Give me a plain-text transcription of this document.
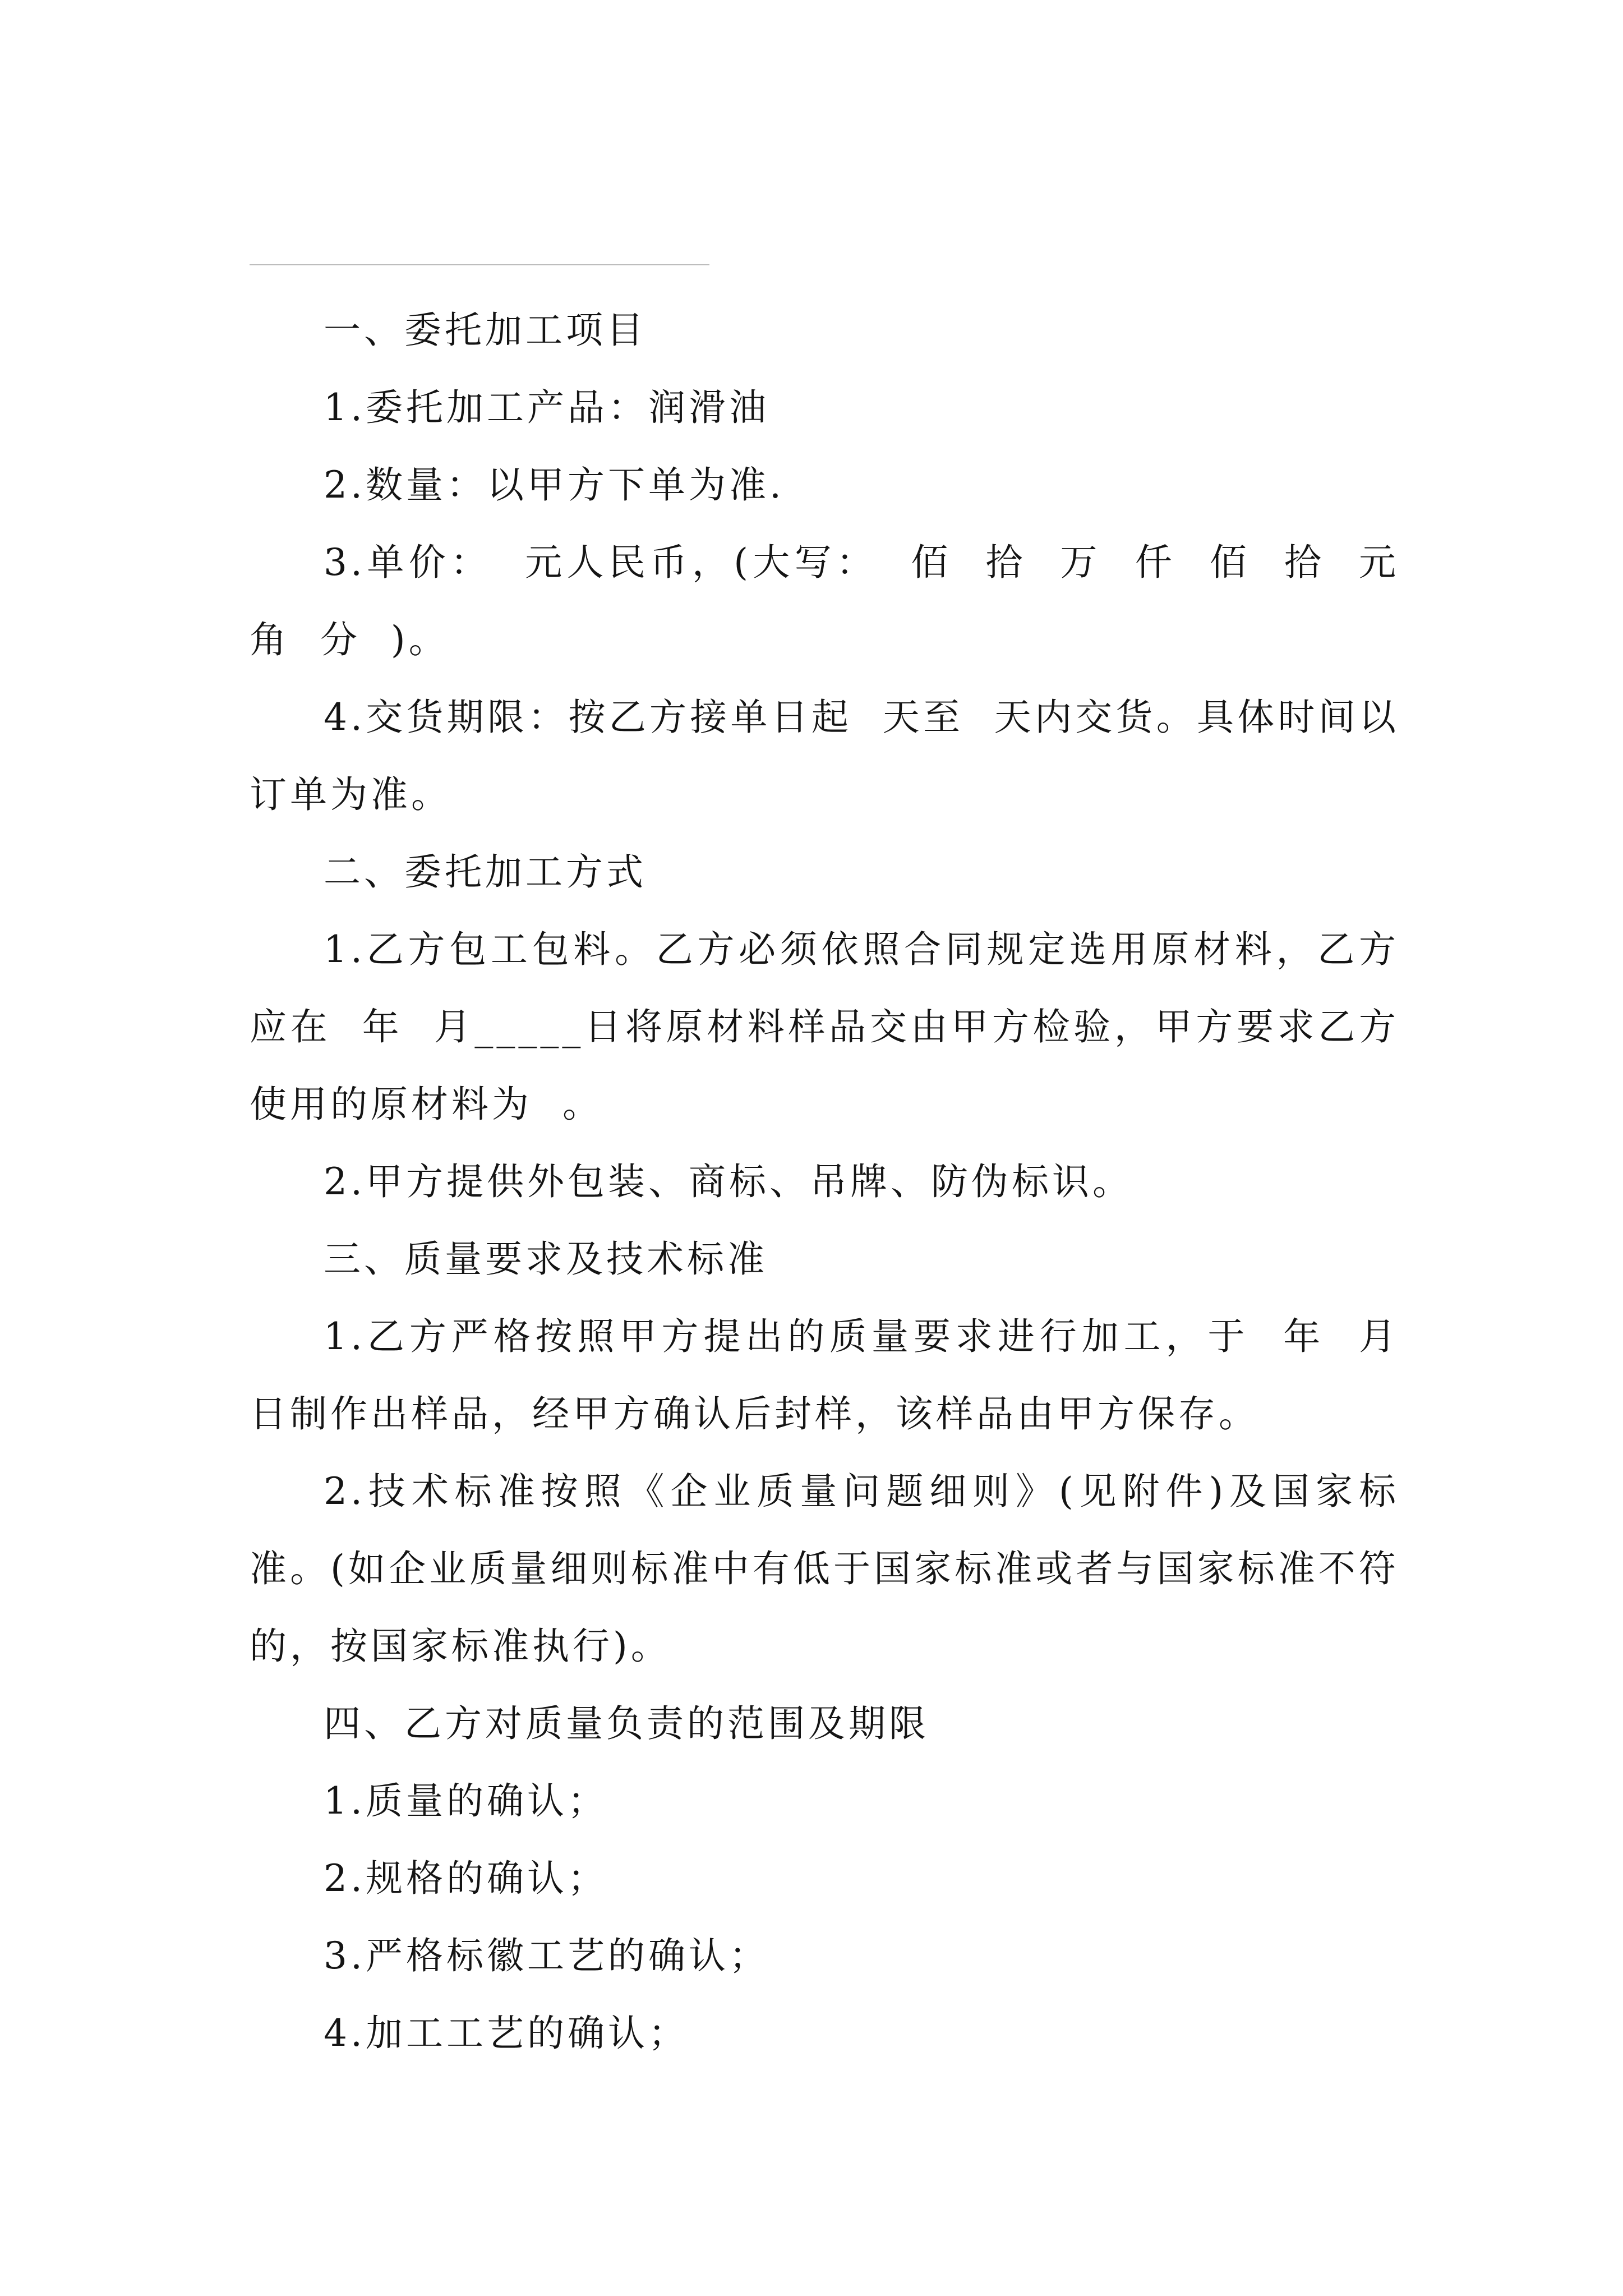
一、委托加工项目

1.委托加工产品：润滑油

2.数量：以甲方下单为准.

3.单价：  元人民币，(大写：  佰  拾  万  仟  佰  拾  元  角  分  )。

4.交货期限：按乙方接单日起  天至  天内交货。具体时间以订单为准。

二、委托加工方式

1.乙方包工包料。乙方必须依照合同规定选用原材料，乙方应在  年  月_____日将原材料样品交由甲方检验，甲方要求乙方使用的原材料为  。

2.甲方提供外包装、商标、吊牌、防伪标识。

三、质量要求及技术标准

1.乙方严格按照甲方提出的质量要求进行加工，于  年  月  日制作出样品，经甲方确认后封样，该样品由甲方保存。

2.技术标准按照《企业质量问题细则》(见附件)及国家标准。(如企业质量细则标准中有低于国家标准或者与国家标准不符的，按国家标准执行)。

四、乙方对质量负责的范围及期限

1.质量的确认；

2.规格的确认；

3.严格标徽工艺的确认；

4.加工工艺的确认；
